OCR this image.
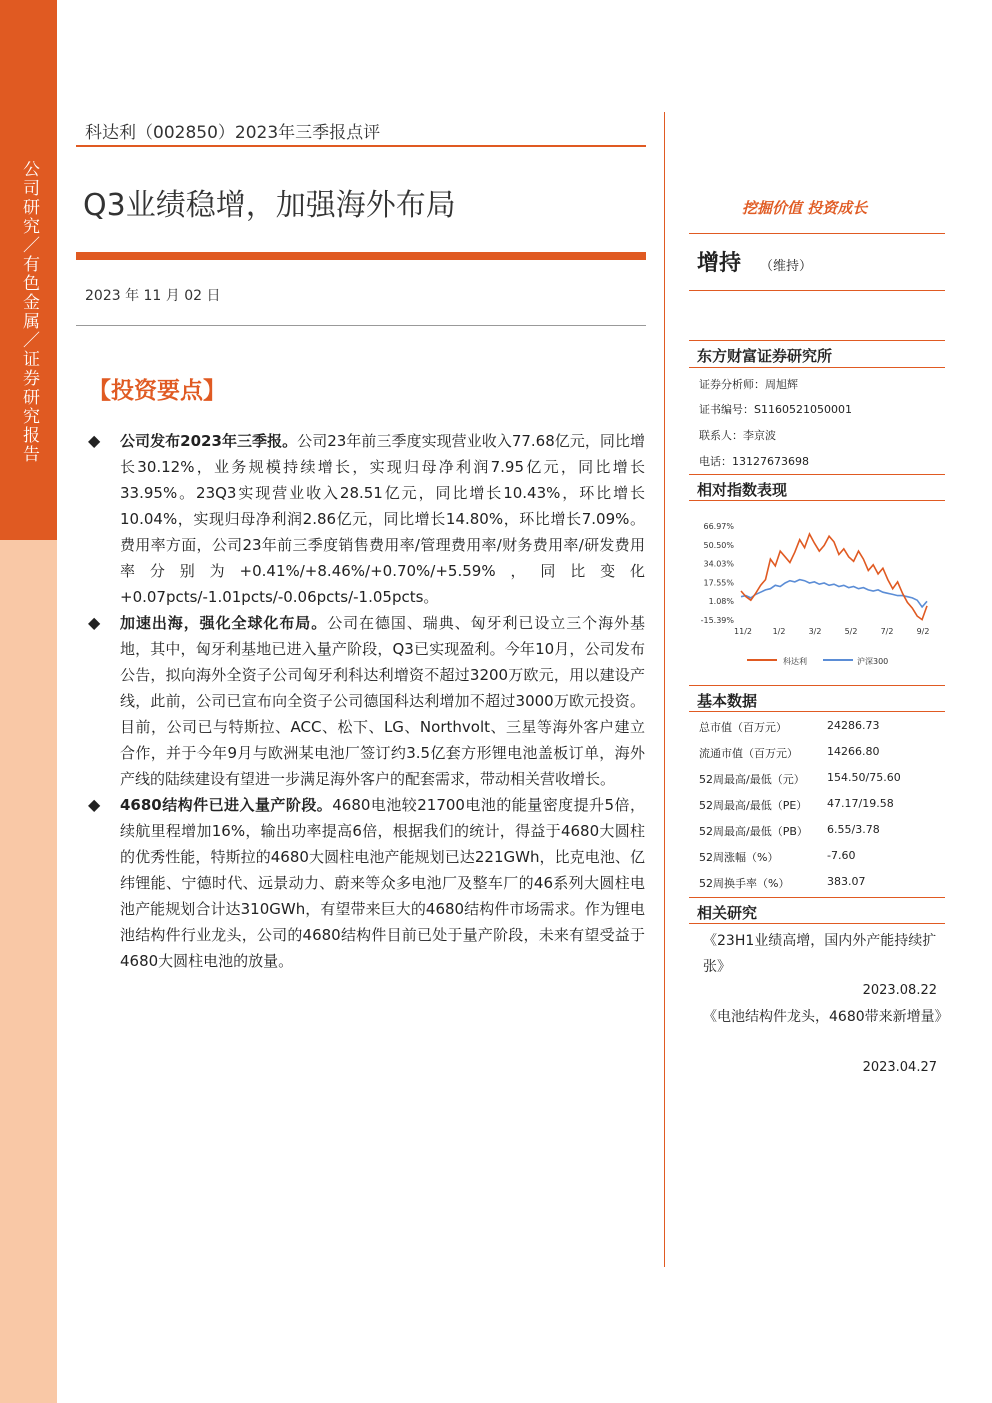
公司研究／有色金属／证券研究报告
科达利（002850）2023年三季报点评
Q3业绩稳增，加强海外布局
2023 年 11 月 02 日
【投资要点】
◆ 公司发布2023年三季报。公司23年前三季度实现营业收入77.68亿元，同比增长30.12%，业务规模持续增长，实现归母净利润7.95亿元，同比增长33.95%。23Q3实现营业收入28.51亿元，同比增长10.43%，环比增长10.04%，实现归母净利润2.86亿元，同比增长14.80%，环比增长7.09%。费用率方面，公司23年前三季度销售费用率/管理费用率/财务费用率/研发费用率分别为+0.41%/+8.46%/+0.70%/+5.59%，同比变化+0.07pcts/-1.01pcts/-0.06pcts/-1.05pcts。
◆ 加速出海，强化全球化布局。公司在德国、瑞典、匈牙利已设立三个海外基地，其中，匈牙利基地已进入量产阶段，Q3已实现盈利。今年10月，公司发布公告，拟向海外全资子公司匈牙利科达利增资不超过3200万欧元，用以建设产线，此前，公司已宣布向全资子公司德国科达利增加不超过3000万欧元投资。目前，公司已与特斯拉、ACC、松下、LG、Northvolt、三星等海外客户建立合作，并于今年9月与欧洲某电池厂签订约3.5亿套方形锂电池盖板订单，海外产线的陆续建设有望进一步满足海外客户的配套需求，带动相关营收增长。
◆ 4680结构件已进入量产阶段。4680电池较21700电池的能量密度提升5倍，续航里程增加16%，输出功率提高6倍，根据我们的统计，得益于4680大圆柱的优秀性能，特斯拉的4680大圆柱电池产能规划已达221GWh，比克电池、亿纬锂能、宁德时代、远景动力、蔚来等众多电池厂及整车厂的46系列大圆柱电池产能规划合计达310GWh，有望带来巨大的4680结构件市场需求。作为锂电池结构件行业龙头，公司的4680结构件目前已处于量产阶段，未来有望受益于4680大圆柱电池的放量。
挖掘价值 投资成长
增持 （维持）
东方财富证券研究所
证券分析师：周旭辉
证书编号：S1160521050001
联系人：李京波
电话：13127673698
相对指数表现
66.97%
50.50%
34.03%
17.55%
1.08%
-15.39%
11/2	1/2	3/2	5/2	7/2	9/2
科达利	沪深300
基本数据
总市值（百万元）	24286.73
流通市值（百万元）	14266.80
52周最高/最低（元） 154.50/75.60
52周最高/最低（PE） 47.17/19.58
52周最高/最低（PB） 6.55/3.78
52周涨幅（%）	-7.60
52周换手率（%）	383.07
相关研究
《23H1业绩高增，国内外产能持续扩张》
2023.08.22
《电池结构件龙头，4680带来新增量》
2023.04.27
